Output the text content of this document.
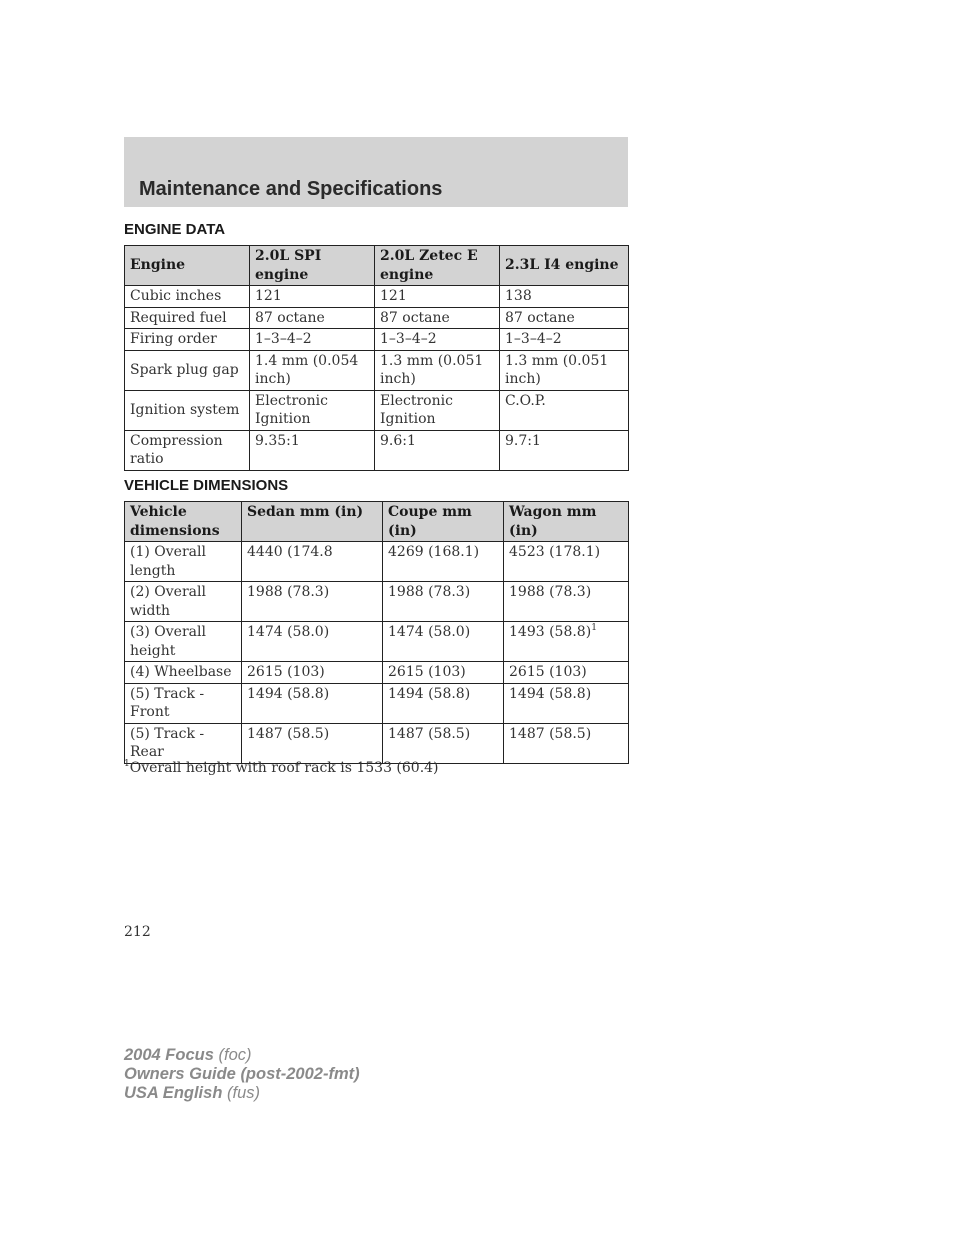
Maintenance and Specifications
ENGINE DATA
Engine	2.0L SPI engine	2.0L Zetec E engine	2.3L I4 engine
Cubic inches	121	121	138
Required fuel	87 octane	87 octane	87 octane
Firing order	1–3–4–2	1–3–4–2	1–3–4–2
Spark plug gap	1.4 mm (0.054 inch)	1.3 mm (0.051 inch)	1.3 mm (0.051 inch)
Ignition system	Electronic Ignition	Electronic Ignition	C.O.P.
Compression ratio	9.35:1	9.6:1	9.7:1
VEHICLE DIMENSIONS
Vehicle dimensions	Sedan mm (in)	Coupe mm (in)	Wagon mm (in)
(1) Overall length	4440 (174.8	4269 (168.1)	4523 (178.1)
(2) Overall width	1988 (78.3)	1988 (78.3)	1988 (78.3)
(3) Overall height	1474 (58.0)	1474 (58.0)	1493 $(58.8)^1$
(4) Wheelbase	2615 (103)	2615 (103)	2615 (103)
(5) Track - Front	1494 (58.8)	1494 (58.8)	1494 (58.8)
(5) Track - Rear	1487 (58.5)	1487 (58.5)	1487 (58.5)
$^1$Overall height with roof rack is 1533 (60.4)
212
2004 Focus (foc)
Owners Guide (post-2002-fmt)
USA English (fus)
